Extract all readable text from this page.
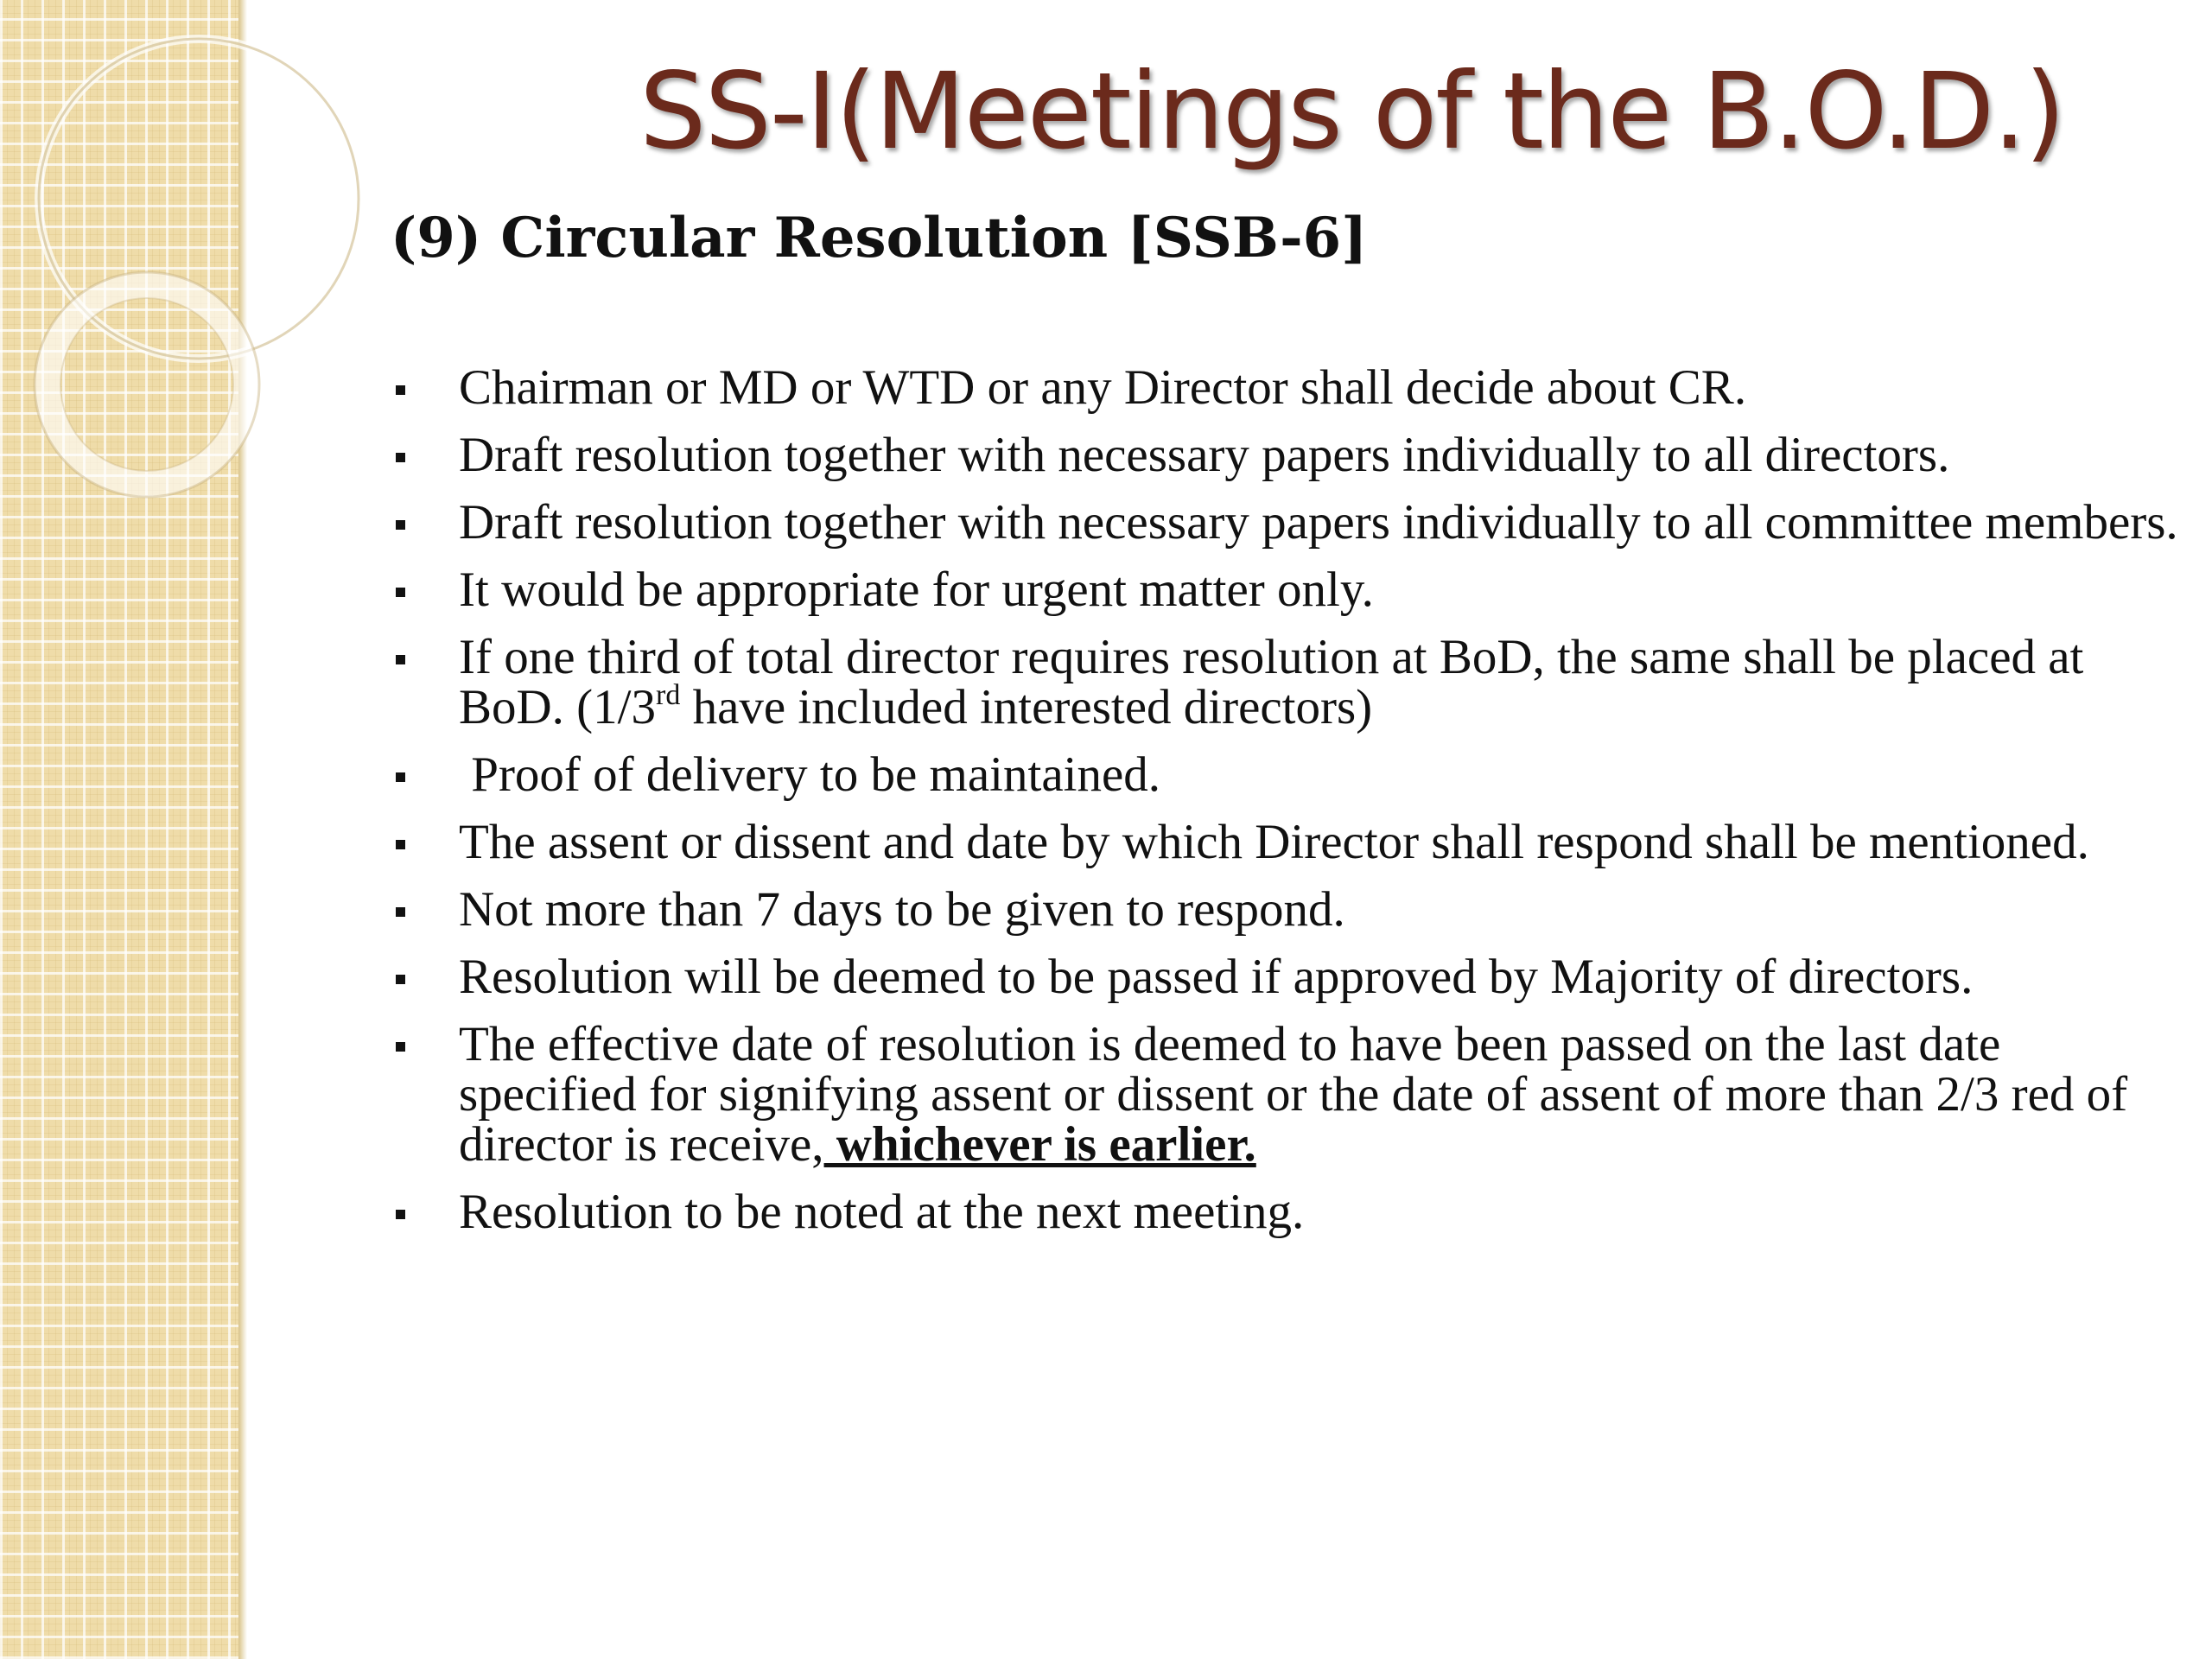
SS-I(Meetings of the B.O.D.)
(9) Circular Resolution [SSB-6]
Chairman or MD or WTD or any Director shall decide about CR.
Draft resolution together with necessary papers individually to all directors.
Draft resolution together with necessary papers individually to all committee members.
It would be appropriate for urgent matter only.
If one third of total director requires resolution at BoD, the same shall be placed at BoD. (1/3rd have included interested directors)
Proof of delivery to be maintained.
The assent or dissent and date by which Director shall respond shall be mentioned.
Not more than 7 days to be given to respond.
Resolution will be deemed to be passed if approved by Majority of directors.
The effective date of resolution is deemed to have been passed on the last date specified for signifying assent or dissent or the date of assent of more than 2/3 red of director is receive, whichever is earlier.
Resolution to be noted at the next meeting.
